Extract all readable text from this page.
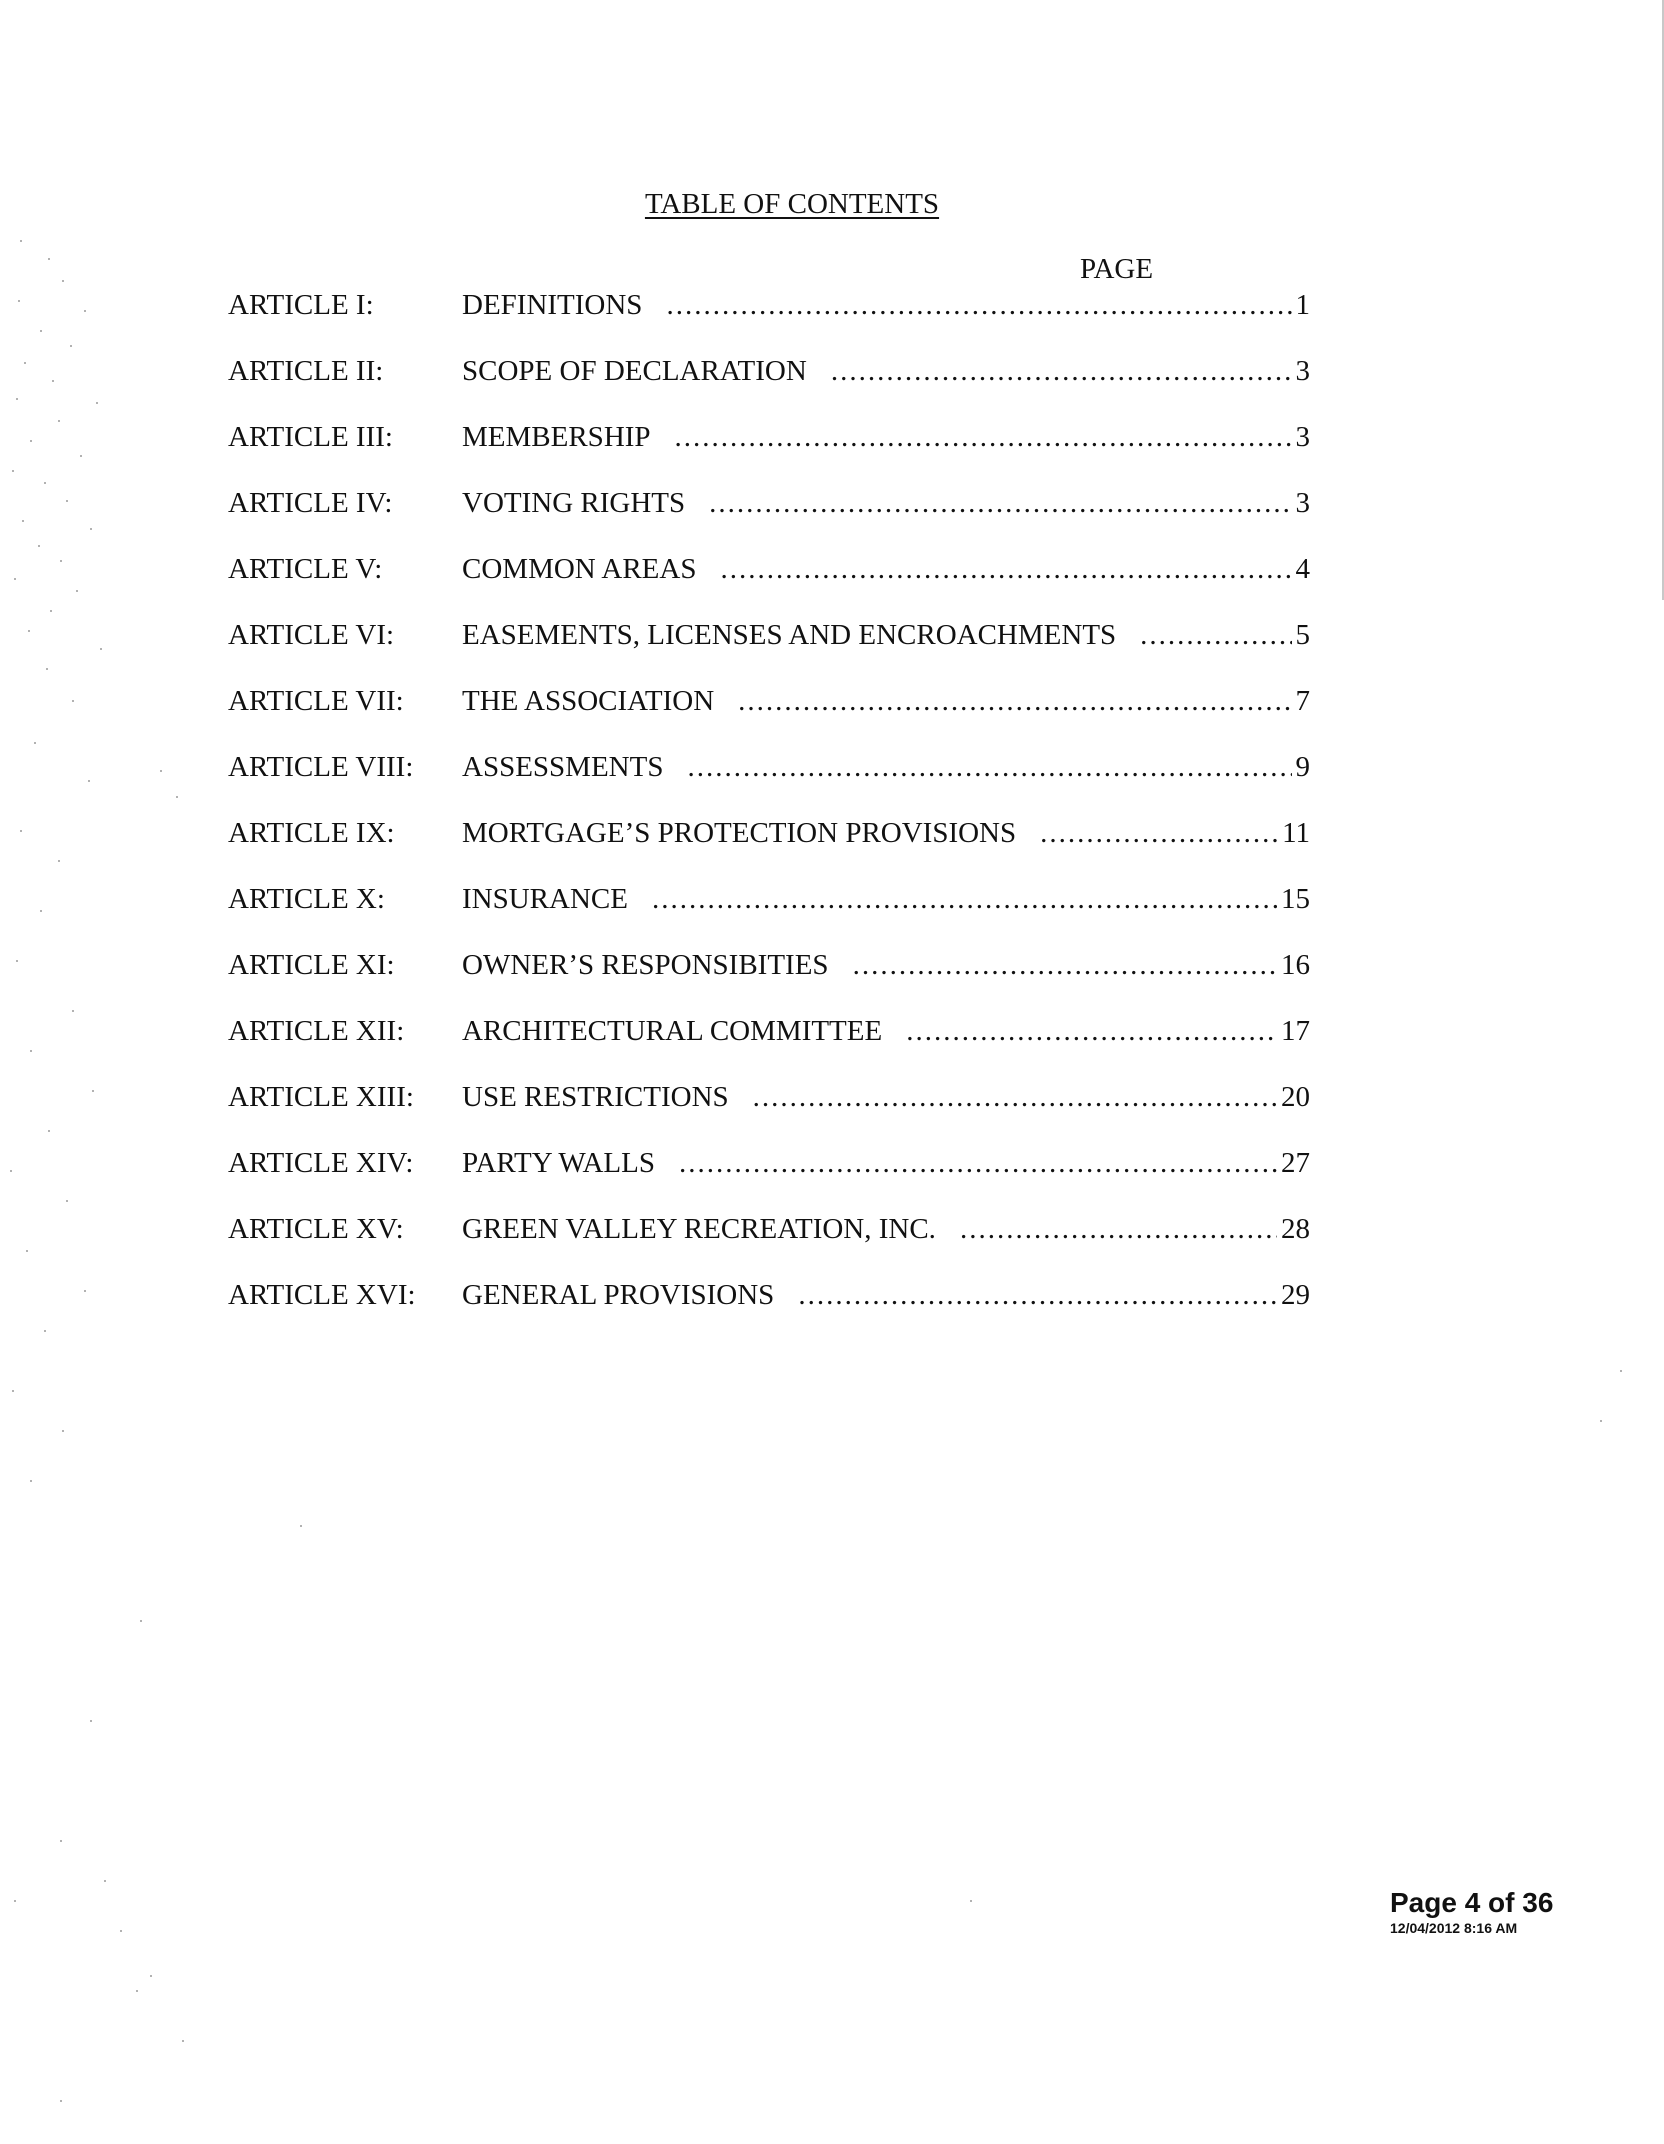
TABLE OF CONTENTS
PAGE
ARTICLE I:	DEFINITIONS .....	1
ARTICLE II:	SCOPE OF DECLARATION .....	3
ARTICLE III:	MEMBERSHIP .....	3
ARTICLE IV:	VOTING RIGHTS .....	3
ARTICLE V:	COMMON AREAS .....	4
ARTICLE VI:	EASEMENTS, LICENSES AND ENCROACHMENTS .....	5
ARTICLE VII:	THE ASSOCIATION .....	7
ARTICLE VIII:	ASSESSMENTS .....	9
ARTICLE IX:	MORTGAGE’S PROTECTION PROVISIONS .....	11
ARTICLE X:	INSURANCE .....	15
ARTICLE XI:	OWNER’S RESPONSIBITIES .....	16
ARTICLE XII:	ARCHITECTURAL COMMITTEE .....	17
ARTICLE XIII:	USE RESTRICTIONS .....	20
ARTICLE XIV:	PARTY WALLS .....	27
ARTICLE XV:	GREEN VALLEY RECREATION, INC. .....	28
ARTICLE XVI:	GENERAL PROVISIONS .....	29
Page 4 of 36
12/04/2012 8:16 AM
